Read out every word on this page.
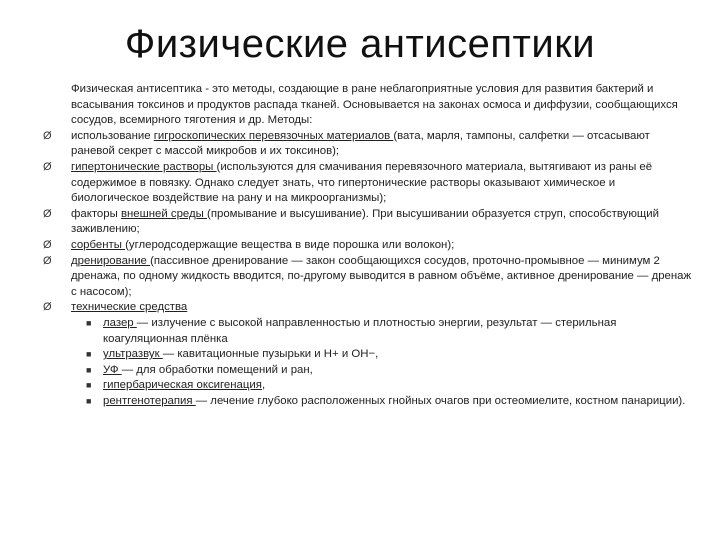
Физические антисептики

Физическая антисептика - это методы, создающие в ране неблагоприятные условия для развития бактерий и всасывания токсинов и продуктов распада тканей. Основывается на законах осмоса и диффузии, сообщающихся сосудов, всемирного тяготения и др. Методы:

Ø использование гигроскопических перевязочных материалов (вата, марля, тампоны, салфетки — отсасывают раневой секрет с массой микробов и их токсинов);
Ø гипертонические растворы (используются для смачивания перевязочного материала, вытягивают из раны её содержимое в повязку. Однако следует знать, что гипертонические растворы оказывают химическое и биологическое воздействие на рану и на микроорганизмы);
Ø факторы внешней среды (промывание и высушивание). При высушивании образуется струп, способствующий заживлению;
Ø сорбенты (углеродсодержащие вещества в виде порошка или волокон);
Ø дренирование (пассивное дренирование — закон сообщающихся сосудов, проточно-промывное — минимум 2 дренажа, по одному жидкость вводится, по-другому выводится в равном объёме, активное дренирование — дренаж с насосом);
Ø технические средства
■ лазер — излучение с высокой направленностью и плотностью энергии, результат — стерильная коагуляционная плёнка
■ ультразвук — кавитационные пузырьки и Н+ и ОН−,
■ УФ — для обработки помещений и ран,
■ гипербарическая оксигенация,
■ рентгенотерапия — лечение глубоко расположенных гнойных очагов при остеомиелите, костном панариции).
